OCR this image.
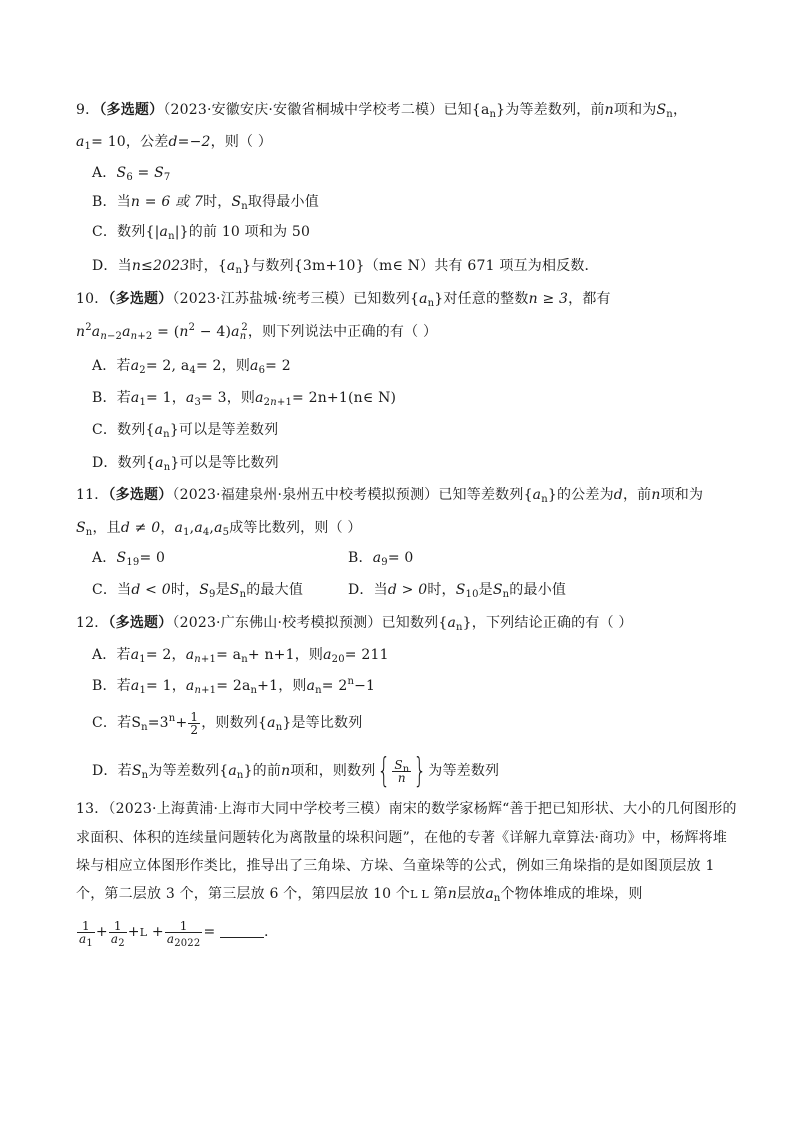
9．（多选题）（2023·安徽安庆·安徽省桐城中学校考二模）已知$\{a_n\}$为等差数列，前n项和为$S_n$，
$a_1= 10$，公差d=−2，则（ ）
A．$S_6 = S_7$
B．当n = 6 或 7时，$S_n$取得最小值
C．数列$\{|a_n|\}$的前 10 项和为 50
D．当n≤2023时，$\{a_n\}$与数列{3m+10}（m∈ N）共有 671 项互为相反数．
10．（多选题）（2023·江苏盐城·统考三模）已知数列$\{a_n\}$对任意的整数n ≥ 3，都有
$n^2a_{n-2}a_{n+2} = (n^2 - 4)a_n^2$，则下列说法中正确的有（ ）
A．若$a_2= 2$, $a_4= 2$，则$a_6= 2$
B．若$a_1= 1$，$a_3= 3$，则$a_{2n+1}=$ 2n+1(n∈ N)
C．数列$\{a_n\}$可以是等差数列
D．数列$\{a_n\}$可以是等比数列
11．（多选题）（2023·福建泉州·泉州五中校考模拟预测）已知等差数列$\{a_n\}$的公差为d，前n项和为
$S_n$，且d ≠ 0，$a_1,a_4,a_5$成等比数列，则（ ）
A．$S_{19}= 0$	B．$a_9= 0$
C．当d < 0时，$S_9$是$S_n$的最大值	D．当d > 0时，$S_{10}$是$S_n$的最小值
12．（多选题）（2023·广东佛山·校考模拟预测）已知数列$\{a_n\}$，下列结论正确的有（ ）
A．若$a_1= 2$，$a_{n+1}= a_n+ n+1$，则$a_{20}= 211$
B．若$a_1= 1$，$a_{n+1}= 2a_n+1$，则$a_n= 2^n-1$
C．若$S_n=3^n+ \frac{1}{2}$ ，则数列$\{a_n\}$是等比数列
D．若$S_n$为等差数列$\{a_n\}$的前n项和，则数列{ $\frac{S_n}{n}$ }为等差数列
13．（2023·上海黄浦·上海市大同中学校考三模）南宋的数学家杨辉“善于把已知形状、大小的几何图形的
求面积、体积的连续量问题转化为离散量的垛积问题”，在他的专著《详解九章算法·商功》中，杨辉将堆
垛与相应立体图形作类比，推导出了三角垛、方垛、刍童垛等的公式，例如三角垛指的是如图顶层放 1
个，第二层放 3 个，第三层放 6 个，第四层放 10 个L L 第n层放$a_n$个物体堆成的堆垛，则
$\frac{1}{a_1} + \frac{1}{a_2} +L + \frac{1}{a_{2022}}$ =	.
